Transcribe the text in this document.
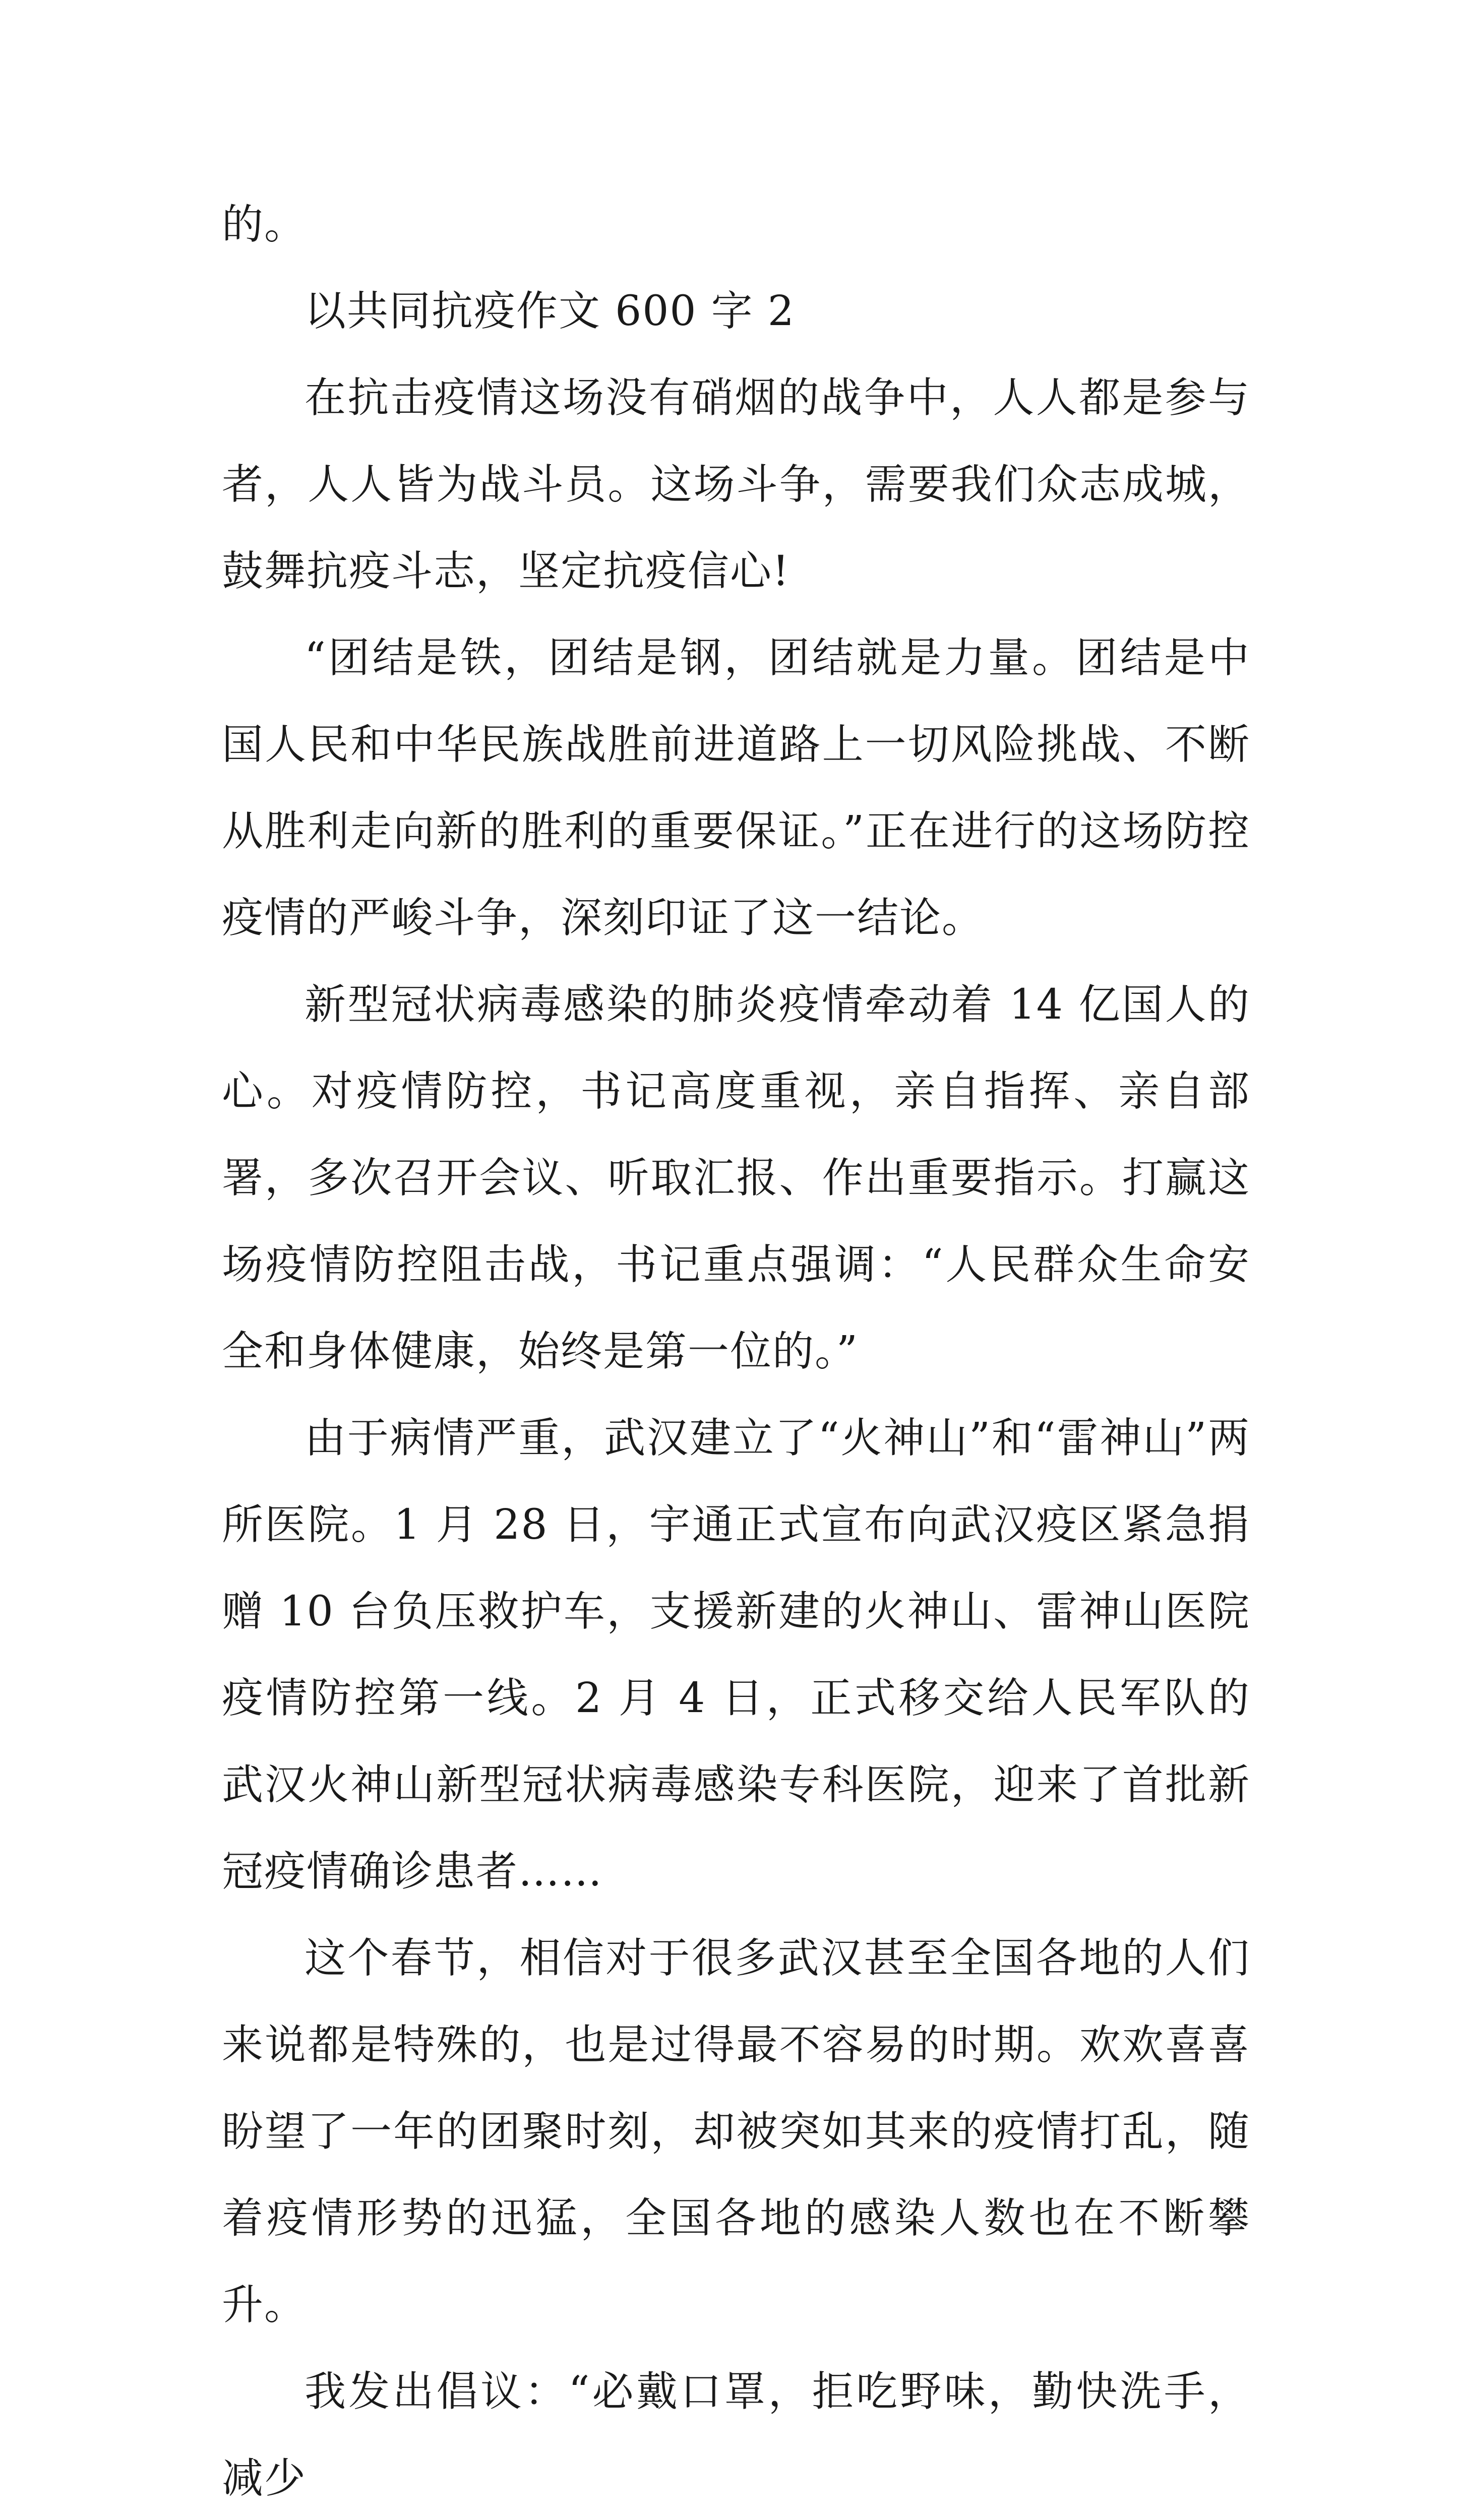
的。

以共同抗疫作文 600 字 2

在抗击疫情这场没有硝烟的战争中，人人都是参与者，人人皆为战斗员。这场斗争，需要我们众志成城，鼓舞抗疫斗志，坚定抗疫信心!

“团结是铁，团结是钢，团结就是力量。团结是中国人民和中华民族战胜前进道路上一切风险挑战、不断从胜利走向新的胜利的重要保证。”正在进行的这场防控疫情的严峻斗争，深刻印证了这一结论。

新型冠状病毒感染的肺炎疫情牵动着 14 亿国人的心。对疫情防控，书记高度重视，亲自指挥、亲自部署，多次召开会议、听取汇报、作出重要指示。打赢这场疫情防控阻击战，书记重点强调：“人民群众生命安全和身体健康，始终是第一位的。”

由于病情严重，武汉建立了“火神山”和“雷神山”两所医院。1 月 28 日，宇通正式宣布向武汉疫区紧急捐赠 10 台负压救护车，支援新建的火神山、雷神山医院疫情防控第一线。2 月 4 日，正式移交给人民军队的武汉火神山新型冠状病毒感染专科医院，迎来了首批新冠疫情确诊患者……

这个春节，相信对于很多武汉甚至全国各地的人们来说都是特殊的，也是过得最不容易的时期。欢欢喜喜盼望了一年的团聚时刻，却被突如其来的疫情打乱，随着疫情形势的迅猛，全国各地的感染人数也在不断攀升。

我发出倡议：“必戴口罩，拒吃野味，勤快洗手，减少
